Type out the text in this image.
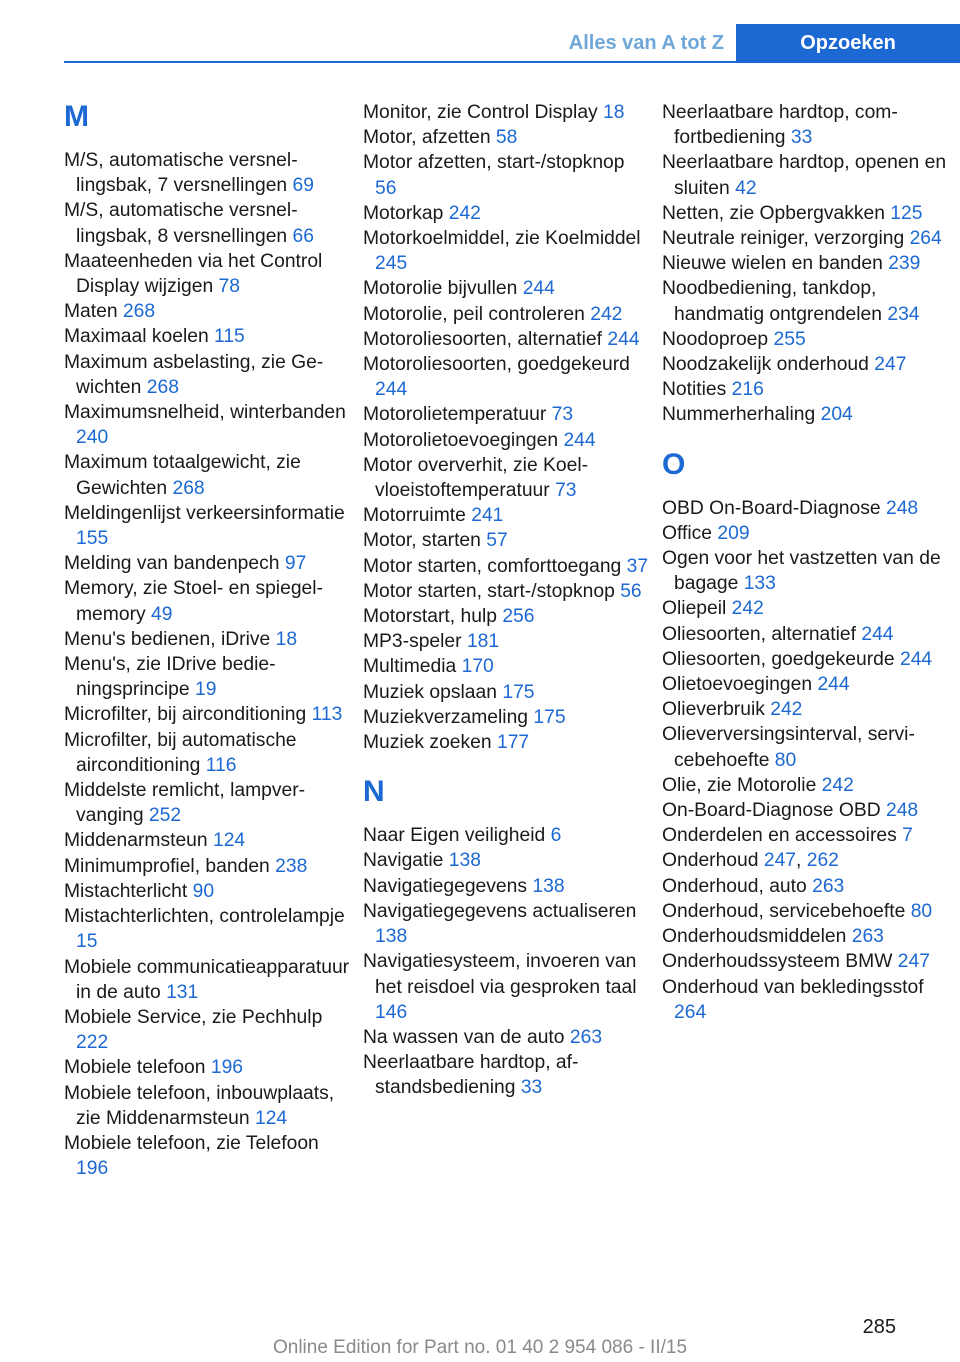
Alles van A tot Z	Opzoeken
M
M/S, automatische versnellingsbak, 7 versnellingen 69
M/S, automatische versnellingsbak, 8 versnellingen 66
Maateenheden via het Control Display wijzigen 78
Maten 268
Maximaal koelen 115
Maximum asbelasting, zie Gewichten 268
Maximumsnelheid, winterbanden 240
Maximum totaalgewicht, zie Gewichten 268
Meldingenlijst verkeersinformatie 155
Melding van bandenpech 97
Memory, zie Stoel- en spiegel-memory 49
Menu's bedienen, iDrive 18
Menu's, zie IDrive bedieningsprincipe 19
Microfilter, bij airconditioning 113
Microfilter, bij automatische airconditioning 116
Middelste remlicht, lampvervanging 252
Middenarmsteun 124
Minimumprofiel, banden 238
Mistachterlicht 90
Mistachterlichten, controlelampje 15
Mobiele communicatieapparatuur in de auto 131
Mobiele Service, zie Pechhulp 222
Mobiele telefoon 196
Mobiele telefoon, inbouwplaats, zie Middenarmsteun 124
Mobiele telefoon, zie Telefoon 196
Monitor, zie Control Display 18
Motor, afzetten 58
Motor afzetten, start-/stopknop 56
Motorkap 242
Motorkoelmiddel, zie Koelmiddel 245
Motorolie bijvullen 244
Motorolie, peil controleren 242
Motoroliesoorten, alternatief 244
Motoroliesoorten, goedgekeurd 244
Motorolietemperatuur 73
Motorolietoevoegingen 244
Motor oververhit, zie Koelvloeistoftemperatuur 73
Motorruimte 241
Motor, starten 57
Motor starten, comforttoegang 37
Motor starten, start-/stopknop 56
Motorstart, hulp 256
MP3-speler 181
Multimedia 170
Muziek opslaan 175
Muziekverzameling 175
Muziek zoeken 177
N
Naar Eigen veiligheid 6
Navigatie 138
Navigatiegegevens 138
Navigatiegegevens actualiseren 138
Navigatiesysteem, invoeren van het reisdoel via gesproken taal 146
Na wassen van de auto 263
Neerlaatbare hardtop, afstandsbediening 33
Neerlaatbare hardtop, comfortbediening 33
Neerlaatbare hardtop, openen en sluiten 42
Netten, zie Opbergvakken 125
Neutrale reiniger, verzorging 264
Nieuwe wielen en banden 239
Noodbediening, tankdop, handmatig ontgrendelen 234
Noodoproep 255
Noodzakelijk onderhoud 247
Notities 216
Nummerherhaling 204
O
OBD On-Board-Diagnose 248
Office 209
Ogen voor het vastzetten van de bagage 133
Oliepeil 242
Oliesoorten, alternatief 244
Oliesoorten, goedgekeurde 244
Olietoevoegingen 244
Olieverbruik 242
Olieverversingsinterval, servicebehoefte 80
Olie, zie Motorolie 242
On-Board-Diagnose OBD 248
Onderdelen en accessoires 7
Onderhoud 247, 262
Onderhoud, auto 263
Onderhoud, servicebehoefte 80
Onderhoudsmiddelen 263
Onderhoudssysteem BMW 247
Onderhoud van bekledingsstof 264
285
Online Edition for Part no. 01 40 2 954 086 - II/15
